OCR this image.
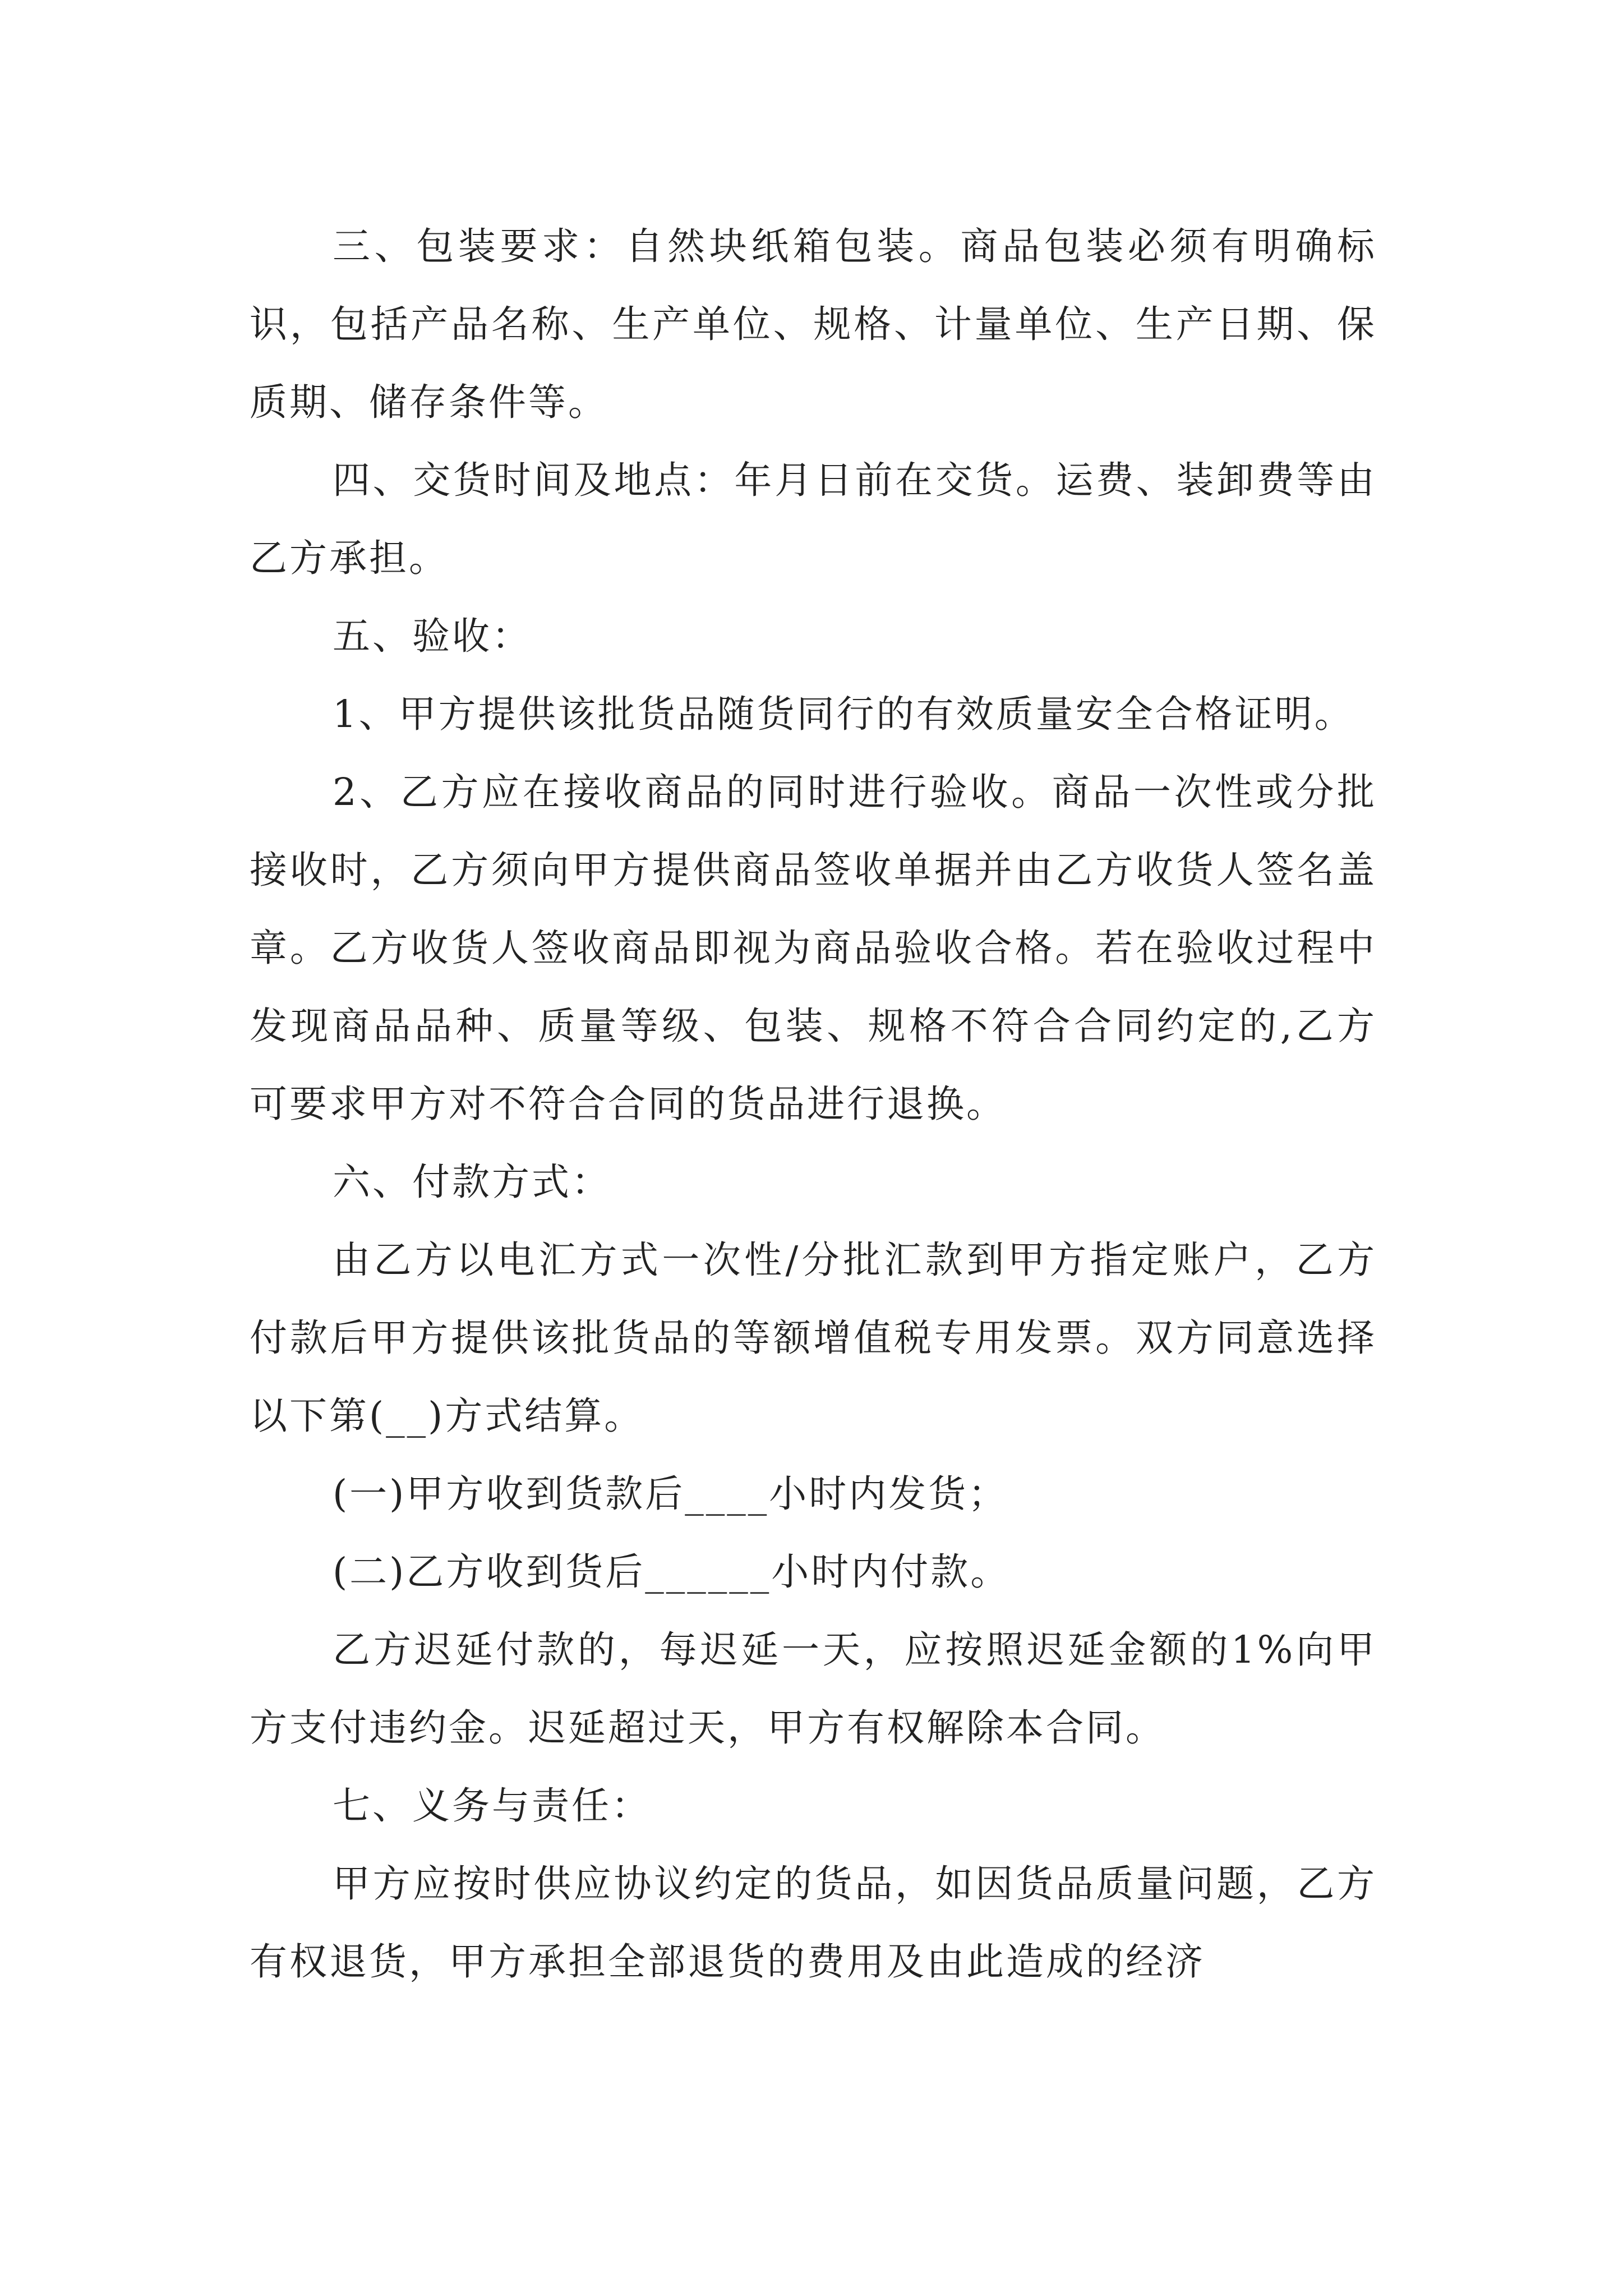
三、包装要求：自然块纸箱包装。商品包装必须有明确标识，包括产品名称、生产单位、规格、计量单位、生产日期、保质期、储存条件等。

四、交货时间及地点：年月日前在交货。运费、装卸费等由乙方承担。

五、验收：

1、甲方提供该批货品随货同行的有效质量安全合格证明。

2、乙方应在接收商品的同时进行验收。商品一次性或分批接收时，乙方须向甲方提供商品签收单据并由乙方收货人签名盖章。乙方收货人签收商品即视为商品验收合格。若在验收过程中发现商品品种、质量等级、包装、规格不符合合同约定的,乙方可要求甲方对不符合合同的货品进行退换。

六、付款方式：

由乙方以电汇方式一次性/分批汇款到甲方指定账户，乙方付款后甲方提供该批货品的等额增值税专用发票。双方同意选择以下第(__)方式结算。

(一)甲方收到货款后____小时内发货；

(二)乙方收到货后______小时内付款。

乙方迟延付款的，每迟延一天，应按照迟延金额的1%向甲方支付违约金。迟延超过天，甲方有权解除本合同。

七、义务与责任：

甲方应按时供应协议约定的货品，如因货品质量问题，乙方有权退货，甲方承担全部退货的费用及由此造成的经济
